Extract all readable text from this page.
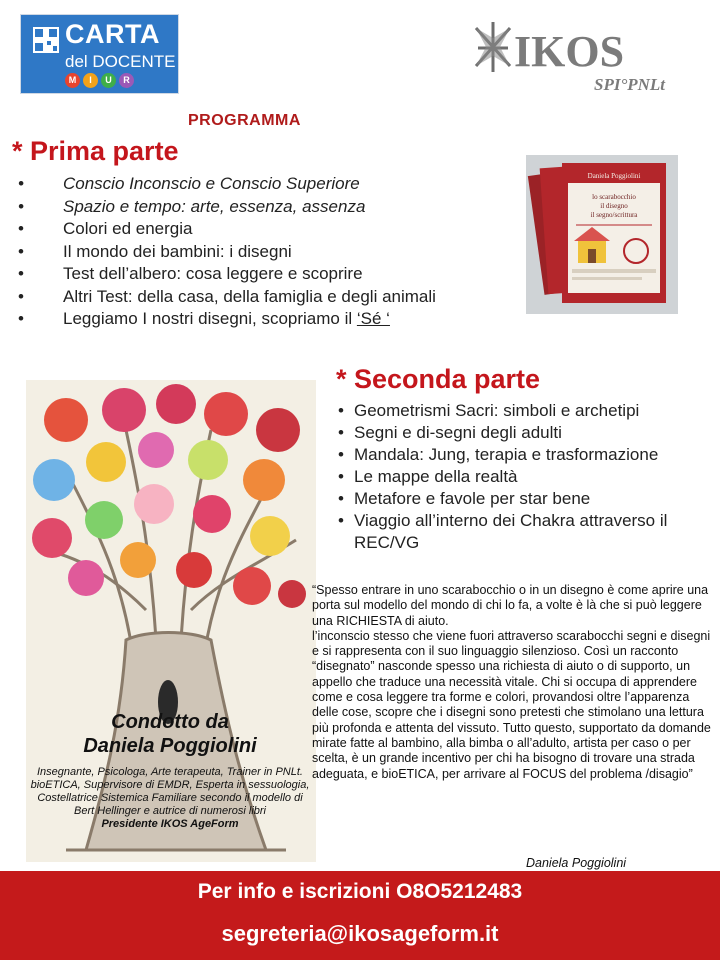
CARTA
del DOCENTE
M	I	U	R
IKOS
SPI°PNLt
PROGRAMMA
* Prima parte
• Conscio Inconscio e Conscio Superiore
• Spazio e tempo: arte, essenza, assenza
• Colori ed energia
• Il mondo dei bambini: i disegni
• Test dell’albero: cosa leggere e scoprire
• Altri Test: della casa, della famiglia e degli animali
• Leggiamo I nostri disegni, scopriamo il ‘Sé ‘
Daniela Poggiolini
lo scarabocchio
il disegno
il segno/scrittura
* Seconda parte
• Geometrismi Sacri: simboli e archetipi
• Segni e di-segni degli adulti
• Mandala: Jung, terapia e trasformazione
• Le mappe della realtà
• Metafore e favole per star bene
• Viaggio all’interno dei Chakra attraverso il REC/VG
Condotto da
Daniela Poggiolini
Insegnante, Psicologa, Arte terapeuta, Trainer in PNLt. bioETICA, Supervisore di EMDR, Esperta in sessuologia, Costellatrice Sistemica Familiare secondo il modello di Bert Hellinger e autrice di numerosi libri
Presidente IKOS AgeForm
“Spesso entrare in uno scarabocchio o in un disegno è come aprire una porta sul modello del mondo di chi lo fa, a volte è là che si può leggere
una RICHIESTA di aiuto.
l’inconscio stesso che viene fuori attraverso scarabocchi segni e disegni e si rappresenta con il suo linguaggio silenzioso. Così un racconto “disegnato” nasconde spesso una richiesta di aiuto o di supporto, un appello che traduce una necessità vitale. Chi si occupa di apprendere come e cosa leggere tra forme e colori, provandosi oltre l’apparenza delle cose, scopre che i disegni sono pretesti che stimolano una lettura più profonda e attenta del vissuto. Tutto questo, supportato da domande mirate fatte al bambino, alla bimba o all’adulto, artista per caso o per scelta, è un grande incentivo per chi ha bisogno di trovare una strada adeguata, e bioETICA, per arrivare al FOCUS del problema /disagio”
Daniela Poggiolini
Per info e iscrizioni O8O5212483
segreteria@ikosageform.it
